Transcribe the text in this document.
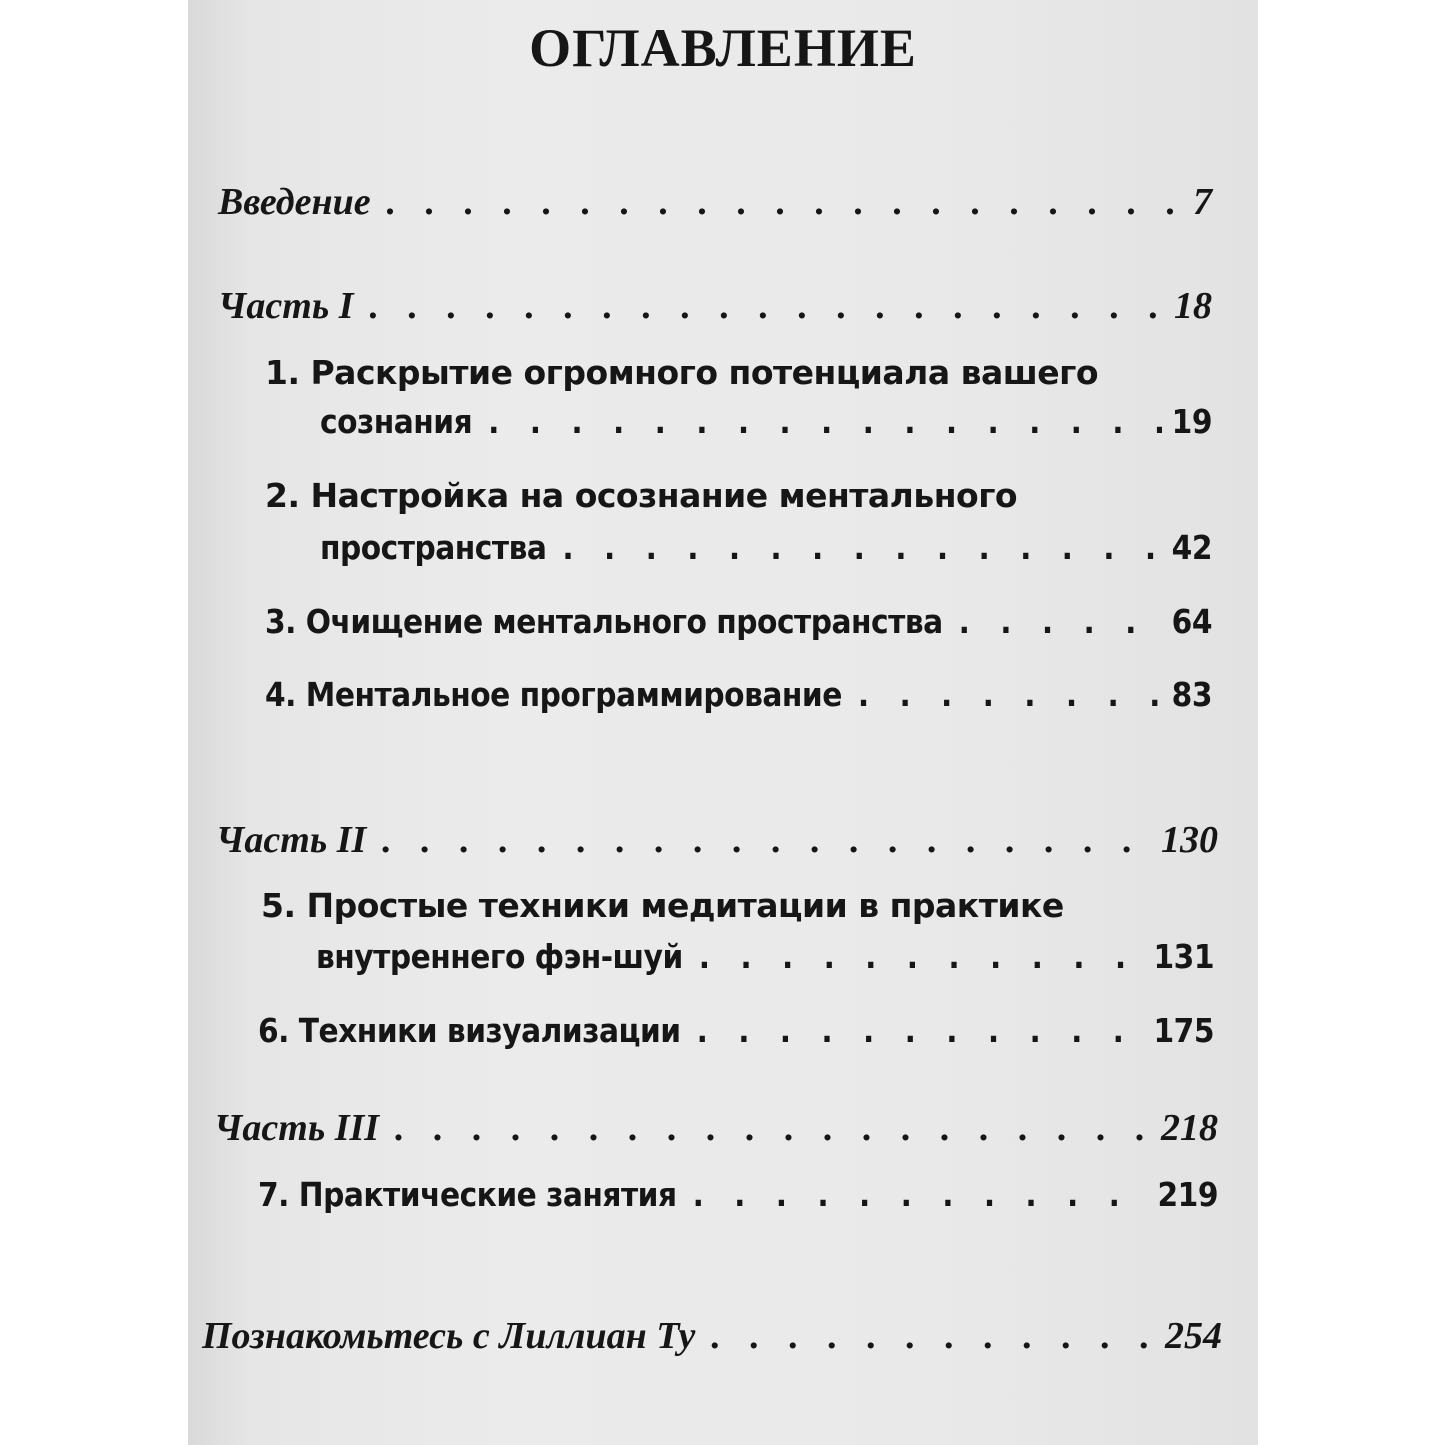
ОГЛАВЛЕНИЕ
Введение . . .	7
Часть I . . .	18
1. Раскрытие огромного потенциала вашего
сознания . . .	19
2. Настройка на осознание ментального
пространства . . .	42
3. Очищение ментального пространства . . .	64
4. Ментальное программирование . . .	83
Часть II . . .	130
5. Простые техники медитации в практике
внутреннего фэн-шуй . . .	131
6. Техники визуализации . . .	175
Часть III . . .	218
7. Практические занятия . . .	219
Познакомьтесь с Лиллиан Ту . . .	254
